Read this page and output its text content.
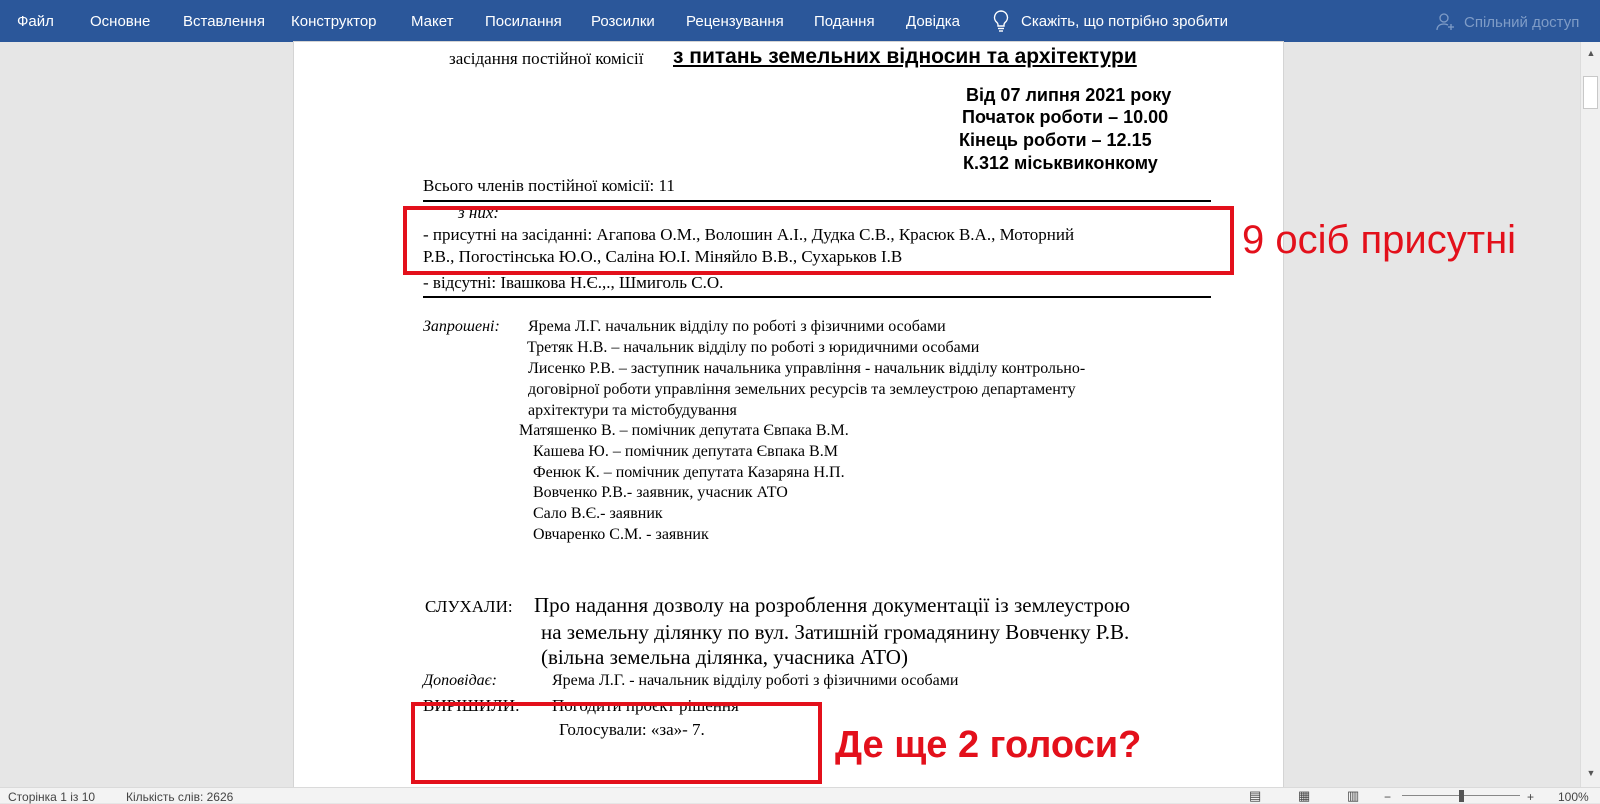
Файл Основне Вставлення Конструктор Макет Посилання Розсилки Рецензування Подання Довідка	Скажіть, що потрібно зробити	Спільний доступ
засідання постійної комісії з питань земельних відносин та архітектури
Від 07 липня 2021 року
Початок роботи – 10.00
Кінець роботи – 12.15
К.312 міськвиконкому
Всього членів постійної комісії: 11
з них:
- присутні на засіданні: Агапова О.М., Волошин А.І., Дудка С.В., Красюк В.А., Моторний
Р.В., Погостінська Ю.О., Саліна Ю.І. Міняйло В.В., Сухарьков І.В
- відсутні: Івашкова Н.Є.,., Шмиголь С.О.
Запрошені: Ярема Л.Г. начальник відділу по роботі з фізичними особами
Третяк Н.В. – начальник відділу по роботі з юридичними особами
Лисенко Р.В. – заступник начальника управління - начальник відділу контрольно-
договірної роботи управління земельних ресурсів та землеустрою департаменту
архітектури та містобудування
Матяшенко В. – помічник депутата Євпака В.М.
Кашева Ю. – помічник депутата Євпака В.М
Фенюк К. – помічник депутата Казаряна Н.П.
Вовченко Р.В.- заявник, учасник АТО
Сало В.Є.- заявник
Овчаренко С.М. - заявник
СЛУХАЛИ: Про надання дозволу на розроблення документації із землеустрою
на земельну ділянку по вул. Затишній громадянину Вовченку Р.В.
(вільна земельна ділянка, учасника АТО)
Доповідає:	Ярема Л.Г. - начальник відділу роботі з фізичними особами
ВИРІШИЛИ: Погодити проєкт рішення
Голосували: «за»- 7.
9 осіб присутні
Де ще 2 голоси?
▲
▼
Сторінка 1 із 10	Кількість слів: 2626	▤	▦	▥ −	+ 100%
